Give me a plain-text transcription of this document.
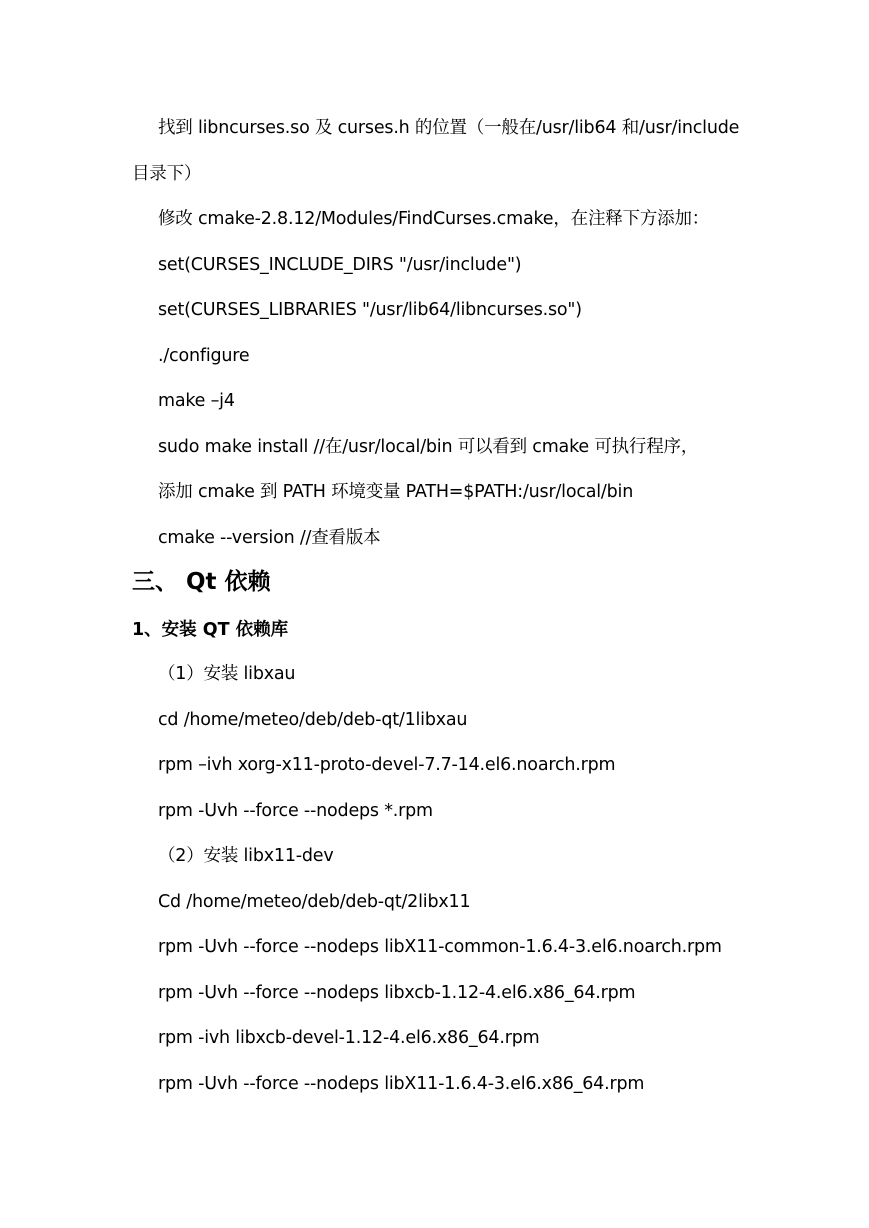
找到 libncurses.so 及 curses.h 的位置（一般在/usr/lib64 和/usr/include
目录下）
修改 cmake-2.8.12/Modules/FindCurses.cmake，在注释下方添加：
set(CURSES_INCLUDE_DIRS "/usr/include")
set(CURSES_LIBRARIES "/usr/lib64/libncurses.so")
./configure
make –j4
sudo make install //在/usr/local/bin 可以看到 cmake 可执行程序，
添加 cmake 到 PATH 环境变量 PATH=$PATH:/usr/local/bin
cmake --version //查看版本
三、 Qt 依赖
1、安装 QT 依赖库
（1）安装 libxau
cd /home/meteo/deb/deb-qt/1libxau
rpm –ivh xorg-x11-proto-devel-7.7-14.el6.noarch.rpm
rpm -Uvh --force --nodeps *.rpm
（2）安装 libx11-dev
Cd /home/meteo/deb/deb-qt/2libx11
rpm -Uvh --force --nodeps libX11-common-1.6.4-3.el6.noarch.rpm
rpm -Uvh --force --nodeps libxcb-1.12-4.el6.x86_64.rpm
rpm -ivh libxcb-devel-1.12-4.el6.x86_64.rpm
rpm -Uvh --force --nodeps libX11-1.6.4-3.el6.x86_64.rpm
